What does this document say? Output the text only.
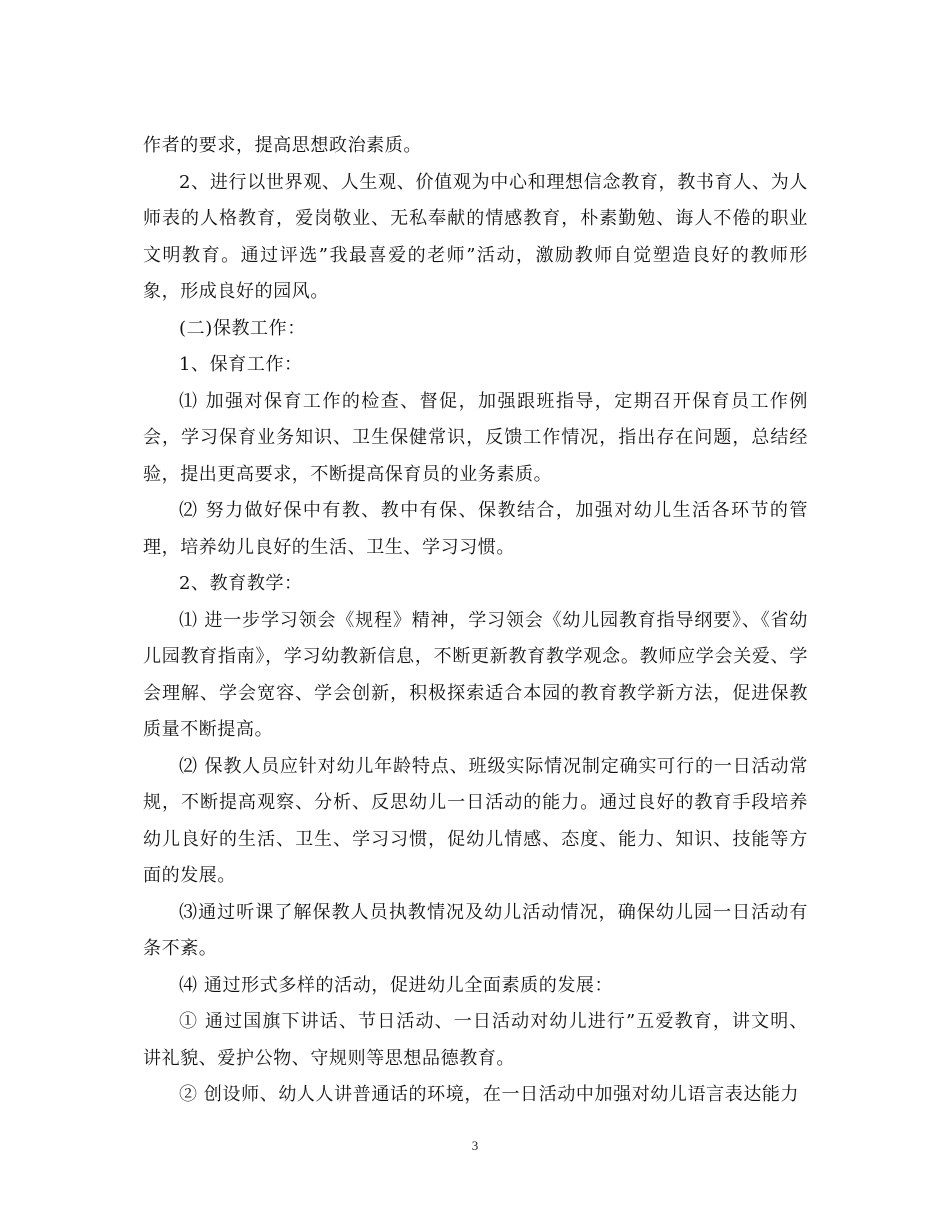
作者的要求，提高思想政治素质。

2、进行以世界观、人生观、价值观为中心和理想信念教育，教书育人、为人师表的人格教育，爱岗敬业、无私奉献的情感教育，朴素勤勉、诲人不倦的职业文明教育。通过评选”我最喜爱的老师”活动，激励教师自觉塑造良好的教师形象，形成良好的园风。

(二)保教工作：

1、保育工作：

⑴ 加强对保育工作的检查、督促，加强跟班指导，定期召开保育员工作例会，学习保育业务知识、卫生保健常识，反馈工作情况，指出存在问题，总结经验，提出更高要求，不断提高保育员的业务素质。

⑵ 努力做好保中有教、教中有保、保教结合，加强对幼儿生活各环节的管理，培养幼儿良好的生活、卫生、学习习惯。

2、教育教学：

⑴ 进一步学习领会《规程》精神，学习领会《幼儿园教育指导纲要》、《省幼儿园教育指南》，学习幼教新信息，不断更新教育教学观念。教师应学会关爱、学会理解、学会宽容、学会创新，积极探索适合本园的教育教学新方法，促进保教质量不断提高。

⑵ 保教人员应针对幼儿年龄特点、班级实际情况制定确实可行的一日活动常规，不断提高观察、分析、反思幼儿一日活动的能力。通过良好的教育手段培养幼儿良好的生活、卫生、学习习惯，促幼儿情感、态度、能力、知识、技能等方面的发展。

⑶通过听课了解保教人员执教情况及幼儿活动情况，确保幼儿园一日活动有条不紊。

⑷ 通过形式多样的活动，促进幼儿全面素质的发展：

① 通过国旗下讲话、节日活动、一日活动对幼儿进行”五爱教育，讲文明、讲礼貌、爱护公物、守规则等思想品德教育。

② 创设师、幼人人讲普通话的环境，在一日活动中加强对幼儿语言表达能力

3
